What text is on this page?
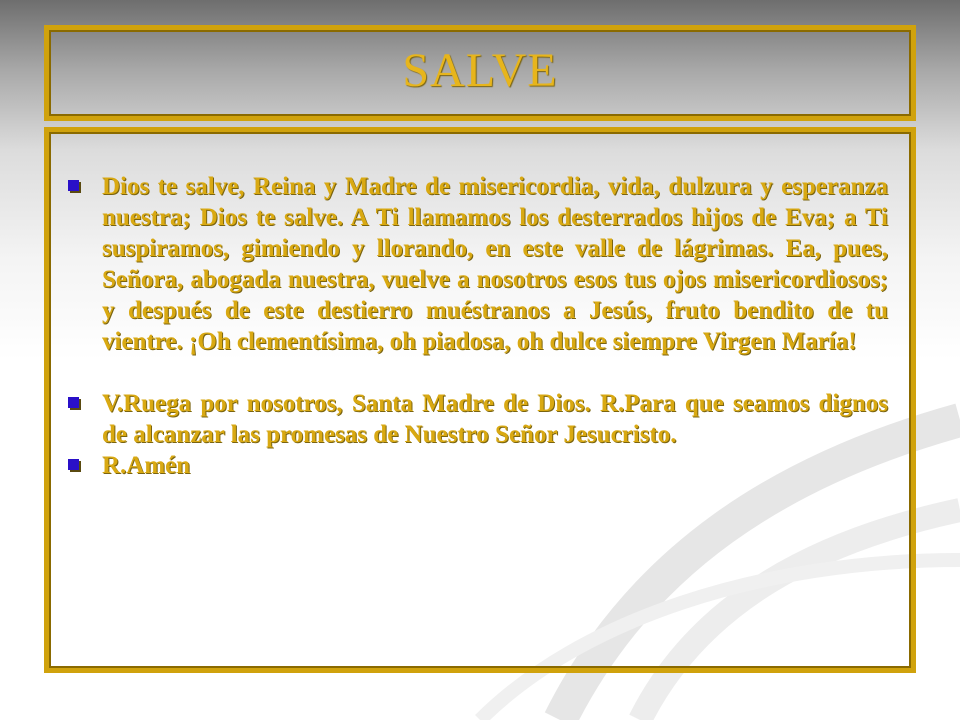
SALVE
Dios te salve, Reina y Madre de misericordia, vida, dulzura y esperanza nuestra; Dios te salve. A Ti llamamos los desterrados hijos de Eva; a Ti suspiramos, gimiendo y llorando, en este valle de lágrimas. Ea, pues, Señora, abogada nuestra, vuelve a nosotros esos tus ojos misericordiosos; y después de este destierro muéstranos a Jesús, fruto bendito de tu vientre. ¡Oh clementísima, oh piadosa, oh dulce siempre Virgen María!
V.Ruega por nosotros, Santa Madre de Dios. R.Para que seamos dignos de alcanzar las promesas de Nuestro Señor Jesucristo.
R.Amén
